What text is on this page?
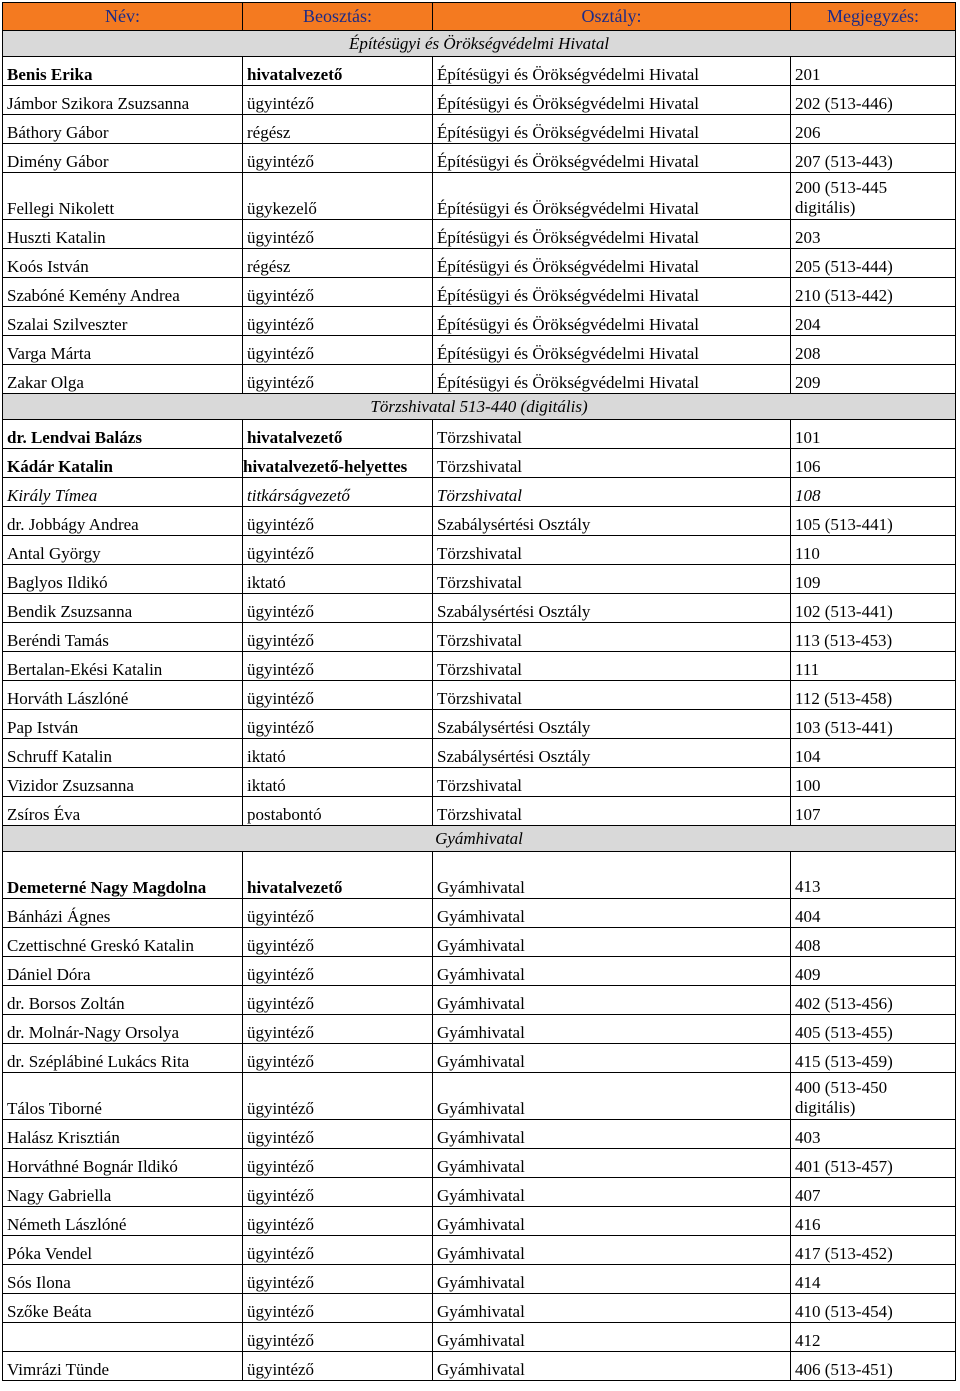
Név:	Beosztás:	Osztály:	Megjegyzés:
Építésügyi és Örökségvédelmi Hivatal			
Benis Erika	hivatalvezető	Építésügyi és Örökségvédelmi Hivatal	201
Jámbor Szikora Zsuzsanna	ügyintéző	Építésügyi és Örökségvédelmi Hivatal	202 (513-446)
Báthory Gábor	régész	Építésügyi és Örökségvédelmi Hivatal	206
Dimény Gábor	ügyintéző	Építésügyi és Örökségvédelmi Hivatal	207 (513-443)
Fellegi Nikolett	ügykezelő	Építésügyi és Örökségvédelmi Hivatal	200 (513-445 digitális)
Huszti Katalin	ügyintéző	Építésügyi és Örökségvédelmi Hivatal	203
Koós István	régész	Építésügyi és Örökségvédelmi Hivatal	205 (513-444)
Szabóné Kemény Andrea	ügyintéző	Építésügyi és Örökségvédelmi Hivatal	210 (513-442)
Szalai Szilveszter	ügyintéző	Építésügyi és Örökségvédelmi Hivatal	204
Varga Márta	ügyintéző	Építésügyi és Örökségvédelmi Hivatal	208
Zakar Olga	ügyintéző	Építésügyi és Örökségvédelmi Hivatal	209
Törzshivatal 513-440 (digitális)			
dr. Lendvai Balázs	hivatalvezető	Törzshivatal	101
Kádár Katalin	hivatalvezető-helyettes	Törzshivatal	106
Király Tímea	titkárságvezető	Törzshivatal	108
dr. Jobbágy Andrea	ügyintéző	Szabálysértési Osztály	105 (513-441)
Antal György	ügyintéző	Törzshivatal	110
Baglyos Ildikó	iktató	Törzshivatal	109
Bendik Zsuzsanna	ügyintéző	Szabálysértési Osztály	102 (513-441)
Beréndi Tamás	ügyintéző	Törzshivatal	113 (513-453)
Bertalan-Ekési Katalin	ügyintéző	Törzshivatal	111
Horváth Lászlóné	ügyintéző	Törzshivatal	112 (513-458)
Pap István	ügyintéző	Szabálysértési Osztály	103 (513-441)
Schruff Katalin	iktató	Szabálysértési Osztály	104
Vizidor Zsuzsanna	iktató	Törzshivatal	100
Zsíros Éva	postabontó	Törzshivatal	107
Gyámhivatal			
Demeterné Nagy Magdolna	hivatalvezető	Gyámhivatal	413
Bánházi Ágnes	ügyintéző	Gyámhivatal	404
Czettischné Greskó Katalin	ügyintéző	Gyámhivatal	408
Dániel Dóra	ügyintéző	Gyámhivatal	409
dr. Borsos Zoltán	ügyintéző	Gyámhivatal	402 (513-456)
dr. Molnár-Nagy Orsolya	ügyintéző	Gyámhivatal	405 (513-455)
dr. Széplábiné Lukács Rita	ügyintéző	Gyámhivatal	415 (513-459)
Tálos Tiborné	ügyintéző	Gyámhivatal	400 (513-450 digitális)
Halász Krisztián	ügyintéző	Gyámhivatal	403
Horváthné Bognár Ildikó	ügyintéző	Gyámhivatal	401 (513-457)
Nagy Gabriella	ügyintéző	Gyámhivatal	407
Németh Lászlóné	ügyintéző	Gyámhivatal	416
Póka Vendel	ügyintéző	Gyámhivatal	417 (513-452)
Sós Ilona	ügyintéző	Gyámhivatal	414
Szőke Beáta	ügyintéző	Gyámhivatal	410 (513-454)
	ügyintéző	Gyámhivatal	412
Vimrázi Tünde	ügyintéző	Gyámhivatal	406 (513-451)
